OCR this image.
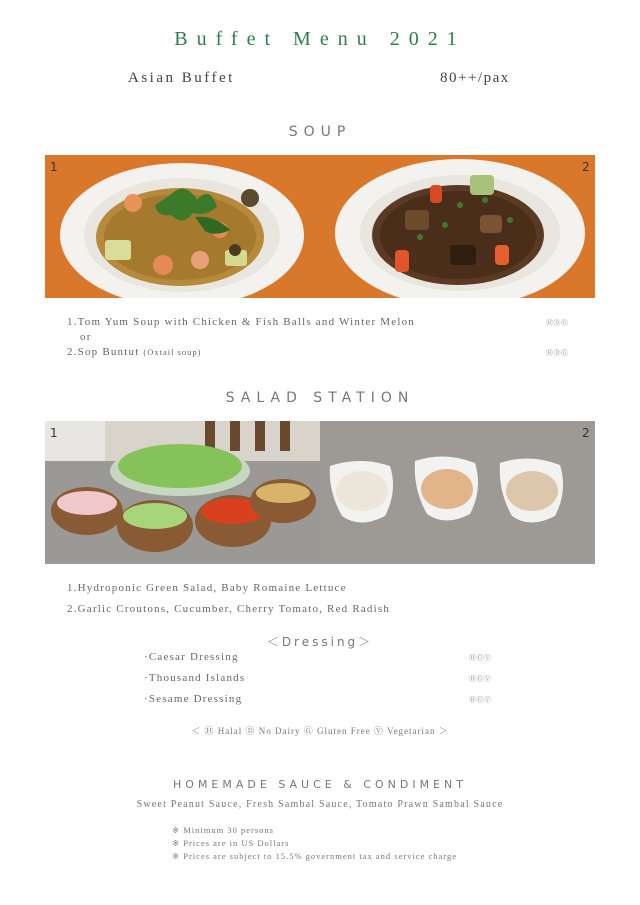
Buffet Menu 2021
Asian Buffet	80++/pax
SOUP
1	2
1.Tom Yum Soup with Chicken & Fish Balls and Winter Melon	ⒽⒹⒼ
or
2.Sop Buntut (Oxtail soup)	ⒽⒹⒼ
SALAD STATION
1	2
1.Hydroponic Green Salad, Baby Romaine Lettuce
2.Garlic Croutons, Cucumber, Cherry Tomato, Red Radish
＜Dressing＞
·Caesar Dressing	ⒽⒼⓋ
·Thousand Islands	ⒽⒼⓋ
·Sesame Dressing	ⒽⒼⓋ
＜ Ⓗ Halal Ⓓ No Dairy Ⓖ Gluten Free Ⓥ Vegetarian ＞
HOMEMADE SAUCE & CONDIMENT
Sweet Peanut Sauce, Fresh Sambal Sauce, Tomato Prawn Sambal Sauce
※ Minimum 30 persons
※ Prices are in US Dollars
※ Prices are subject to 15.5% government tax and service charge
